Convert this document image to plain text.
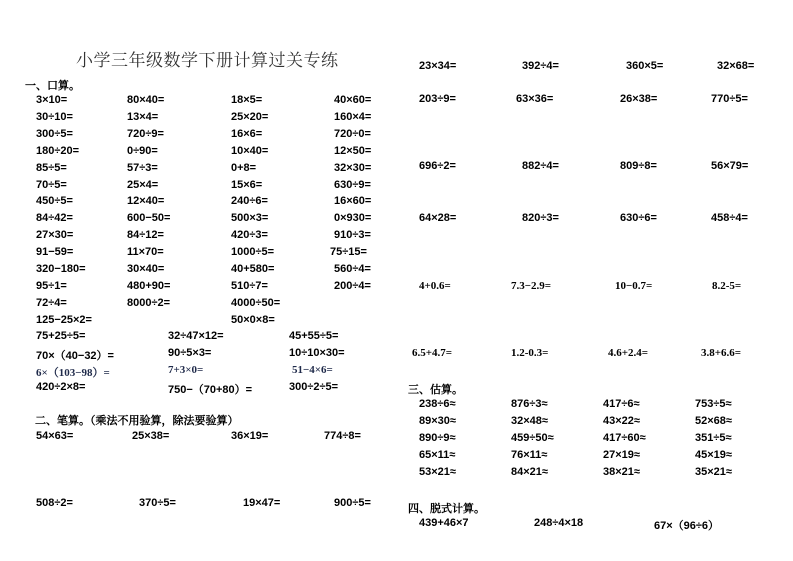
小学三年级数学下册计算过关专练
一、口算。
3×10=	80×40=	18×5=	40×60=
30÷10=	13×4=	25×20=	160×4=
300÷5=	720÷9=	16×6=	720÷0=
180÷20=	0÷90=	10×40=	12×50=
85÷5=	57÷3=	0+8=	32×30=
70÷5=	25×4=	15×6=	630÷9=
450÷5=	12×40=	240÷6=	16×60=
84÷42=	600−50=	500×3=	0×930=
27×30=	84÷12=	420÷3=	910÷3=
91−59=	11×70=	1000÷5=	75÷15=
320−180=	30×40=	40+580=	560÷4=
95÷1=	480+90=	510÷7=	200÷4=
72÷4=	8000÷2=	4000÷50=
125−25×2=	50×0×8=
75+25÷5=	32÷47×12=	45+55÷5=
70×（40−32）=	90÷5×3=	10÷10×30=
6×（103−98）=	7+3×0=	51−4×6=
420÷2×8=	750−（70+80）=	300÷2÷5=
二、笔算。（乘法不用验算，除法要验算）
54×63=	25×38=	36×19=	774÷8=
508÷2=	370÷5=	19×47=	900÷5=
23×34=	392÷4=	360×5=	32×68=
203÷9=	63×36=	26×38=	770÷5=
696÷2=	882÷4=	809÷8=	56×79=
64×28=	820÷3=	630÷6=	458÷4=
4+0.6=	7.3−2.9=	10−0.7=	8.2-5=
6.5+4.7=	1.2-0.3=	4.6+2.4=	3.8+6.6=
三、估算。
238÷6≈	876÷3≈	417÷6≈	753÷5≈
89×30≈	32×48≈	43×22≈	52×68≈
890÷9≈	459÷50≈	417÷60≈	351÷5≈
65×11≈	76×11≈	27×19≈	45×19≈
53×21≈	84×21≈	38×21≈	35×21≈
四、脱式计算。
439+46×7	248÷4×18	67×（96÷6）
